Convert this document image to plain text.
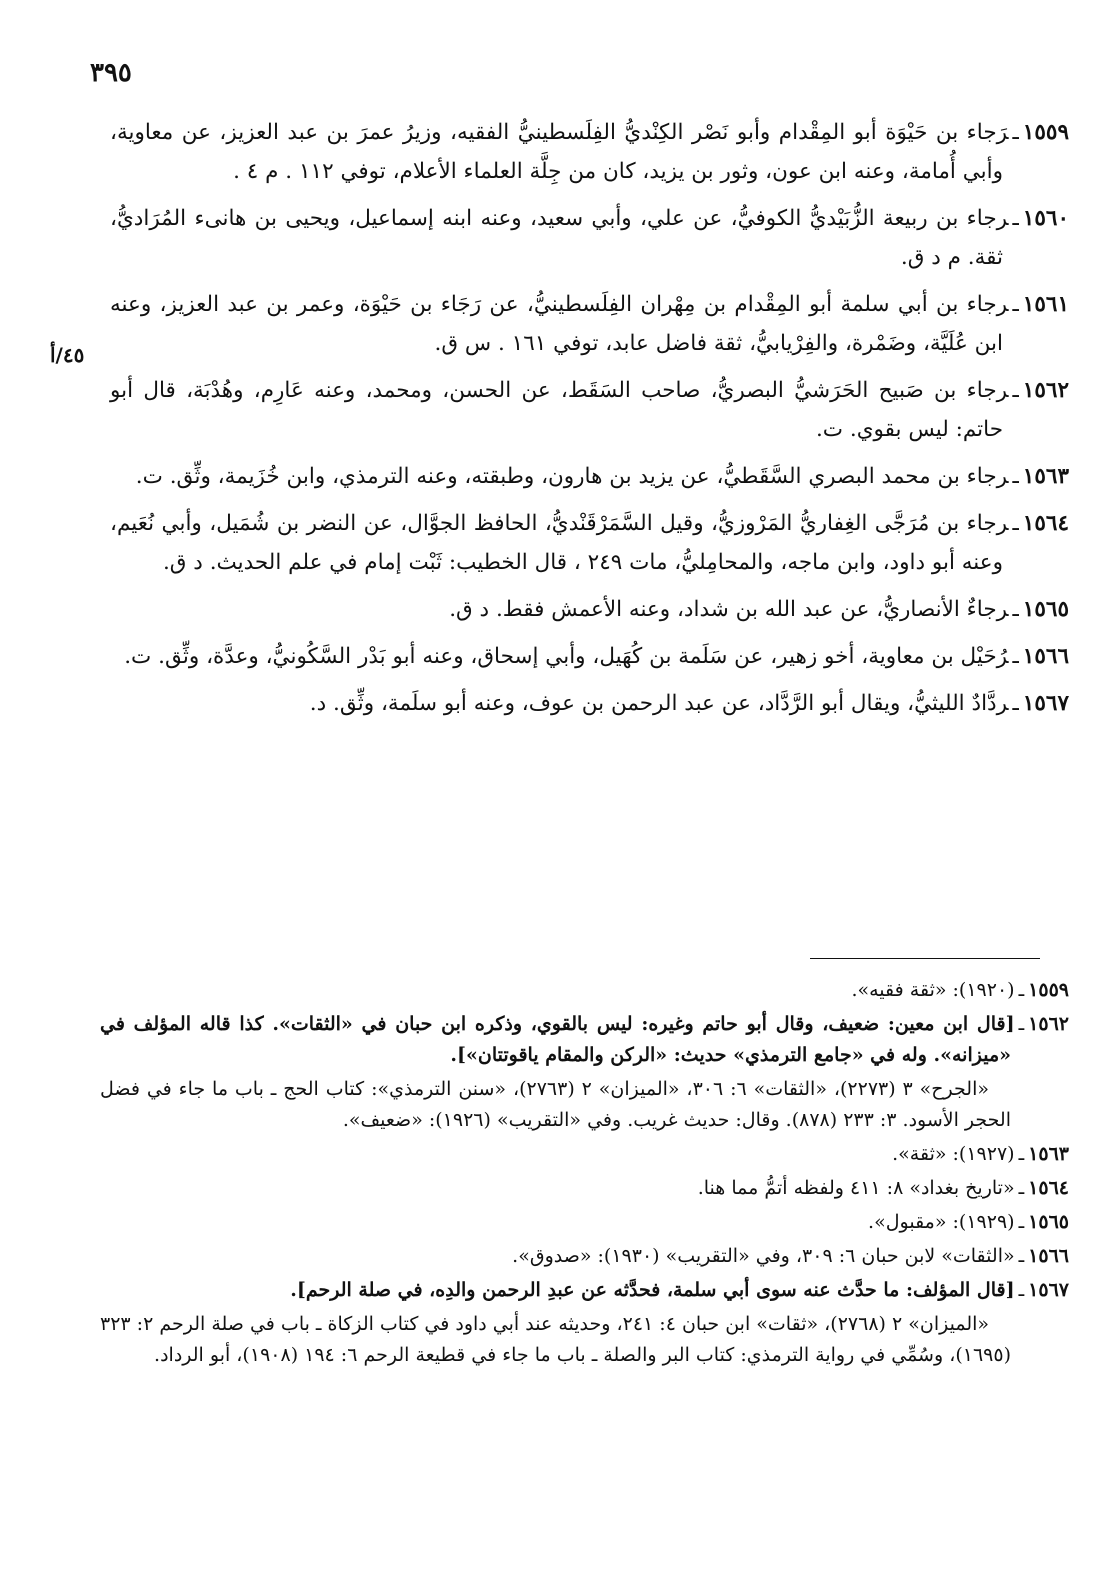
٣٩٥
٤٥/أ

١٥٥٩ـرَجاء بن حَيْوَة أبو المِقْدام وأبو نَصْر الكِنْديُّ الفِلَسطينيُّ الفقيه، وزيرُ عمرَ بن عبد العزيز، عن معاوية، وأبي أُمامة، وعنه ابن عون، وثور بن يزيد، كان من جِلَّة العلماء الأعلام، توفي ١١٢ . م ٤ .

١٥٦٠ـرجاء بن ربيعة الزُّبَيْديُّ الكوفيُّ، عن علي، وأبي سعيد، وعنه ابنه إسماعيل، ويحيى بن هانىء المُرَاديُّ، ثقة. م د ق.

١٥٦١ـرجاء بن أبي سلمة أبو المِقْدام بن مِهْران الفِلَسطينيُّ، عن رَجَاء بن حَيْوَة، وعمر بن عبد العزيز، وعنه ابن عُلَيَّة، وضَمْرة، والفِرْيابيُّ، ثقة فاضل عابد، توفي ١٦١ . س ق.

١٥٦٢ـرجاء بن صَبيح الحَرَشيُّ البصريُّ، صاحب السَقَط، عن الحسن، ومحمد، وعنه عَارِم، وهُدْبَة، قال أبو حاتم: ليس بقوي. ت.

١٥٦٣ـرجاء بن محمد البصري السَّقَطيُّ، عن يزيد بن هارون، وطبقته، وعنه الترمذي، وابن خُزَيمة، وثِّق. ت.

١٥٦٤ـرجاء بن مُرَجَّى الغِفاريُّ المَرْوزيُّ، وقيل السَّمَرْقَنْديُّ، الحافظ الجوَّال، عن النضر بن شُمَيل، وأبي نُعَيم، وعنه أبو داود، وابن ماجه، والمحامِليُّ، مات ٢٤٩ ، قال الخطيب: ثَبْت إمام في علم الحديث. د ق.

١٥٦٥ـرجاءٌ الأنصاريُّ، عن عبد الله بن شداد، وعنه الأعمش فقط. د ق.

١٥٦٦ـرُحَيْل بن معاوية، أخو زهير، عن سَلَمة بن كُهَيل، وأبي إسحاق، وعنه أبو بَدْر السَّكُونيُّ، وعدَّة، وثِّق. ت.

١٥٦٧ـردَّادٌ الليثيُّ، ويقال أبو الرَّدَّاد، عن عبد الرحمن بن عوف، وعنه أبو سلَمة، وثِّق. د.

١٥٥٩ـ(١٩٢٠): «ثقة فقيه».

١٥٦٢ـ[قال ابن معين: ضعيف، وقال أبو حاتم وغيره: ليس بالقوي، وذكره ابن حبان في «الثقات». كذا قاله المؤلف في «ميزانه». وله في «جامع الترمذي» حديث: «الركن والمقام ياقوتتان»].

«الجرح» ٣ (٢٢٧٣)، «الثقات» ٦: ٣٠٦، «الميزان» ٢ (٢٧٦٣)، «سنن الترمذي»: كتاب الحج ـ باب ما جاء في فضل الحجر الأسود. ٣: ٢٣٣ (٨٧٨). وقال: حديث غريب. وفي «التقريب» (١٩٢٦): «ضعيف».

١٥٦٣ـ(١٩٢٧): «ثقة».

١٥٦٤ـ«تاريخ بغداد» ٨: ٤١١ ولفظه أتمُّ مما هنا.

١٥٦٥ـ(١٩٢٩): «مقبول».

١٥٦٦ـ«الثقات» لابن حبان ٦: ٣٠٩، وفي «التقريب» (١٩٣٠): «صدوق».

١٥٦٧ـ[قال المؤلف: ما حدَّث عنه سوى أبي سلمة، فحدَّثه عن عبدِ الرحمن والدِه، في صلة الرحم].

«الميزان» ٢ (٢٧٦٨)، «ثقات» ابن حبان ٤: ٢٤١، وحديثه عند أبي داود في كتاب الزكاة ـ باب في صلة الرحم ٢: ٣٢٣ (١٦٩٥)، وسُمِّي في رواية الترمذي: كتاب البر والصلة ـ باب ما جاء في قطيعة الرحم ٦: ١٩٤ (١٩٠٨)، أبو الرداد.
